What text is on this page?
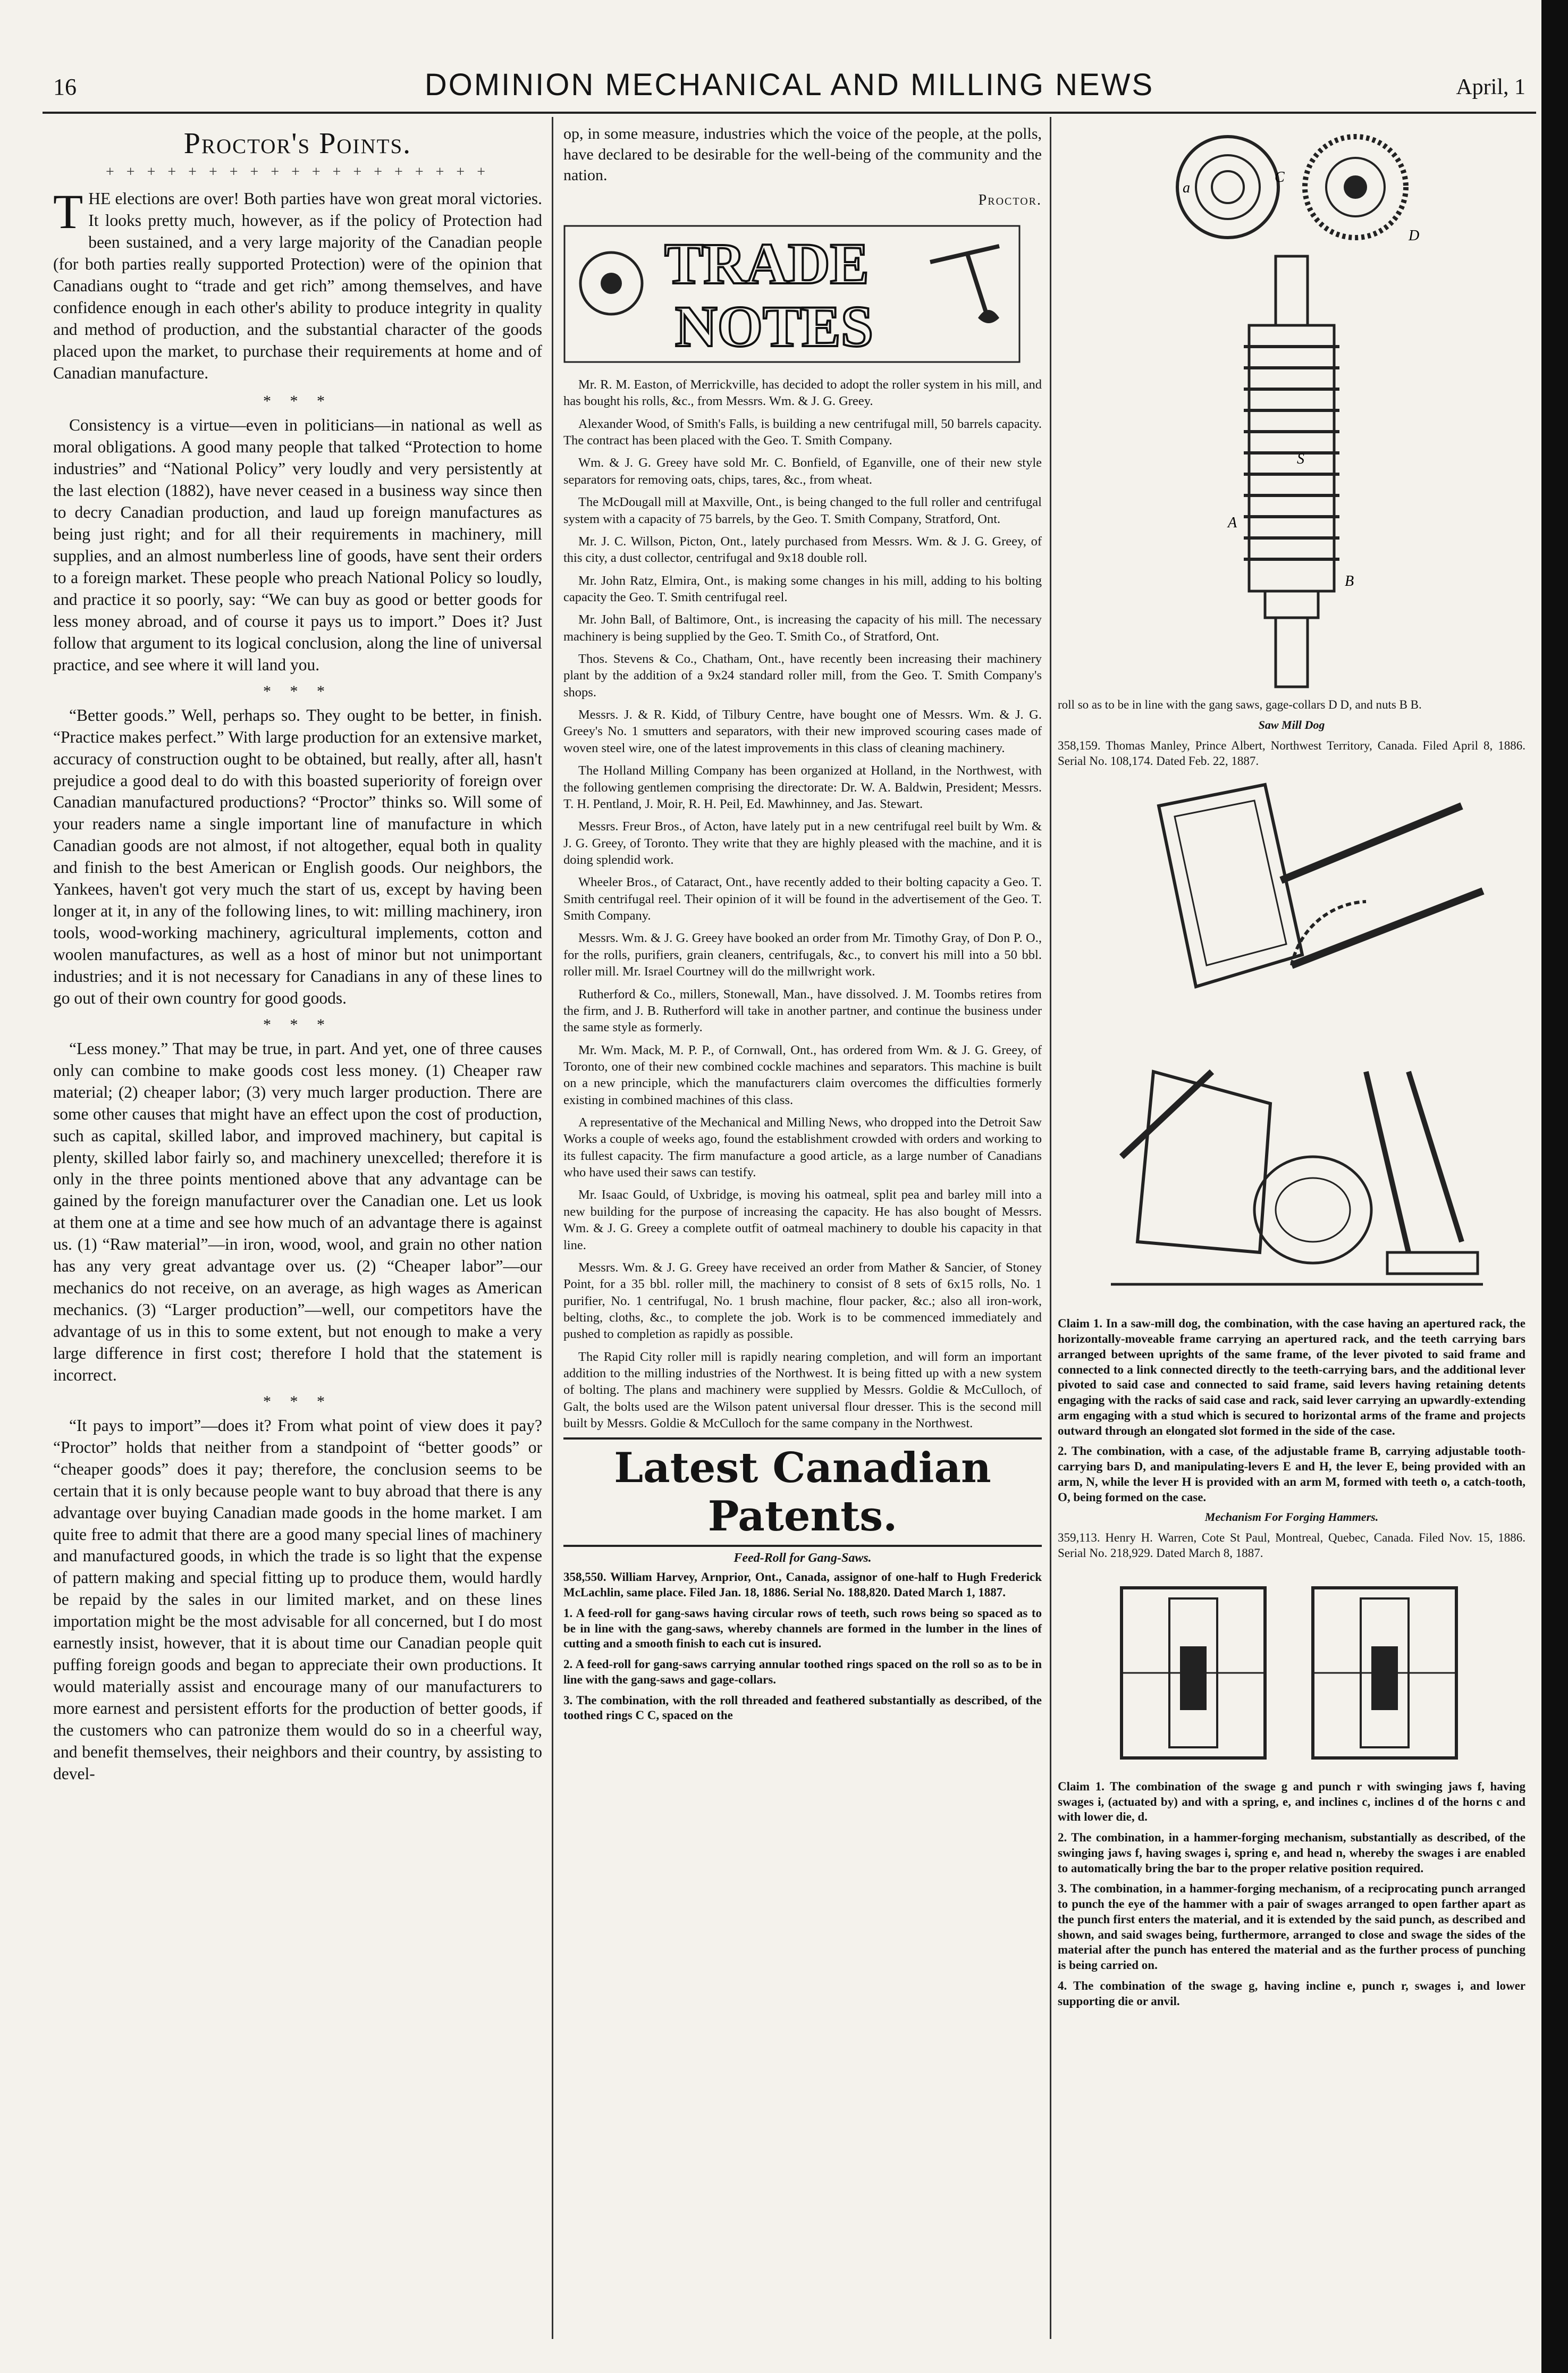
16	DOMINION MECHANICAL AND MILLING NEWS	April, 1
Proctor's Points.
+ + + + + + + + + + + + + + + + + + +

THE elections are over! Both parties have won great moral victories. It looks pretty much, however, as if the policy of Protection had been sustained, and a very large majority of the Canadian people (for both parties really supported Protection) were of the opinion that Canadians ought to “trade and get rich” among themselves, and have confidence enough in each other's ability to produce integrity in quality and method of production, and the substantial character of the goods placed upon the market, to purchase their requirements at home and of Canadian manufacture.

* * *

Consistency is a virtue—even in politicians—in national as well as moral obligations. A good many people that talked “Protection to home industries” and “National Policy” very loudly and very persistently at the last election (1882), have never ceased in a business way since then to decry Canadian production, and laud up foreign manufactures as being just right; and for all their requirements in machinery, mill supplies, and an almost numberless line of goods, have sent their orders to a foreign market. These people who preach National Policy so loudly, and practice it so poorly, say: “We can buy as good or better goods for less money abroad, and of course it pays us to import.” Does it? Just follow that argument to its logical conclusion, along the line of universal practice, and see where it will land you.

* * *

“Better goods.” Well, perhaps so. They ought to be better, in finish. “Practice makes perfect.” With large production for an extensive market, accuracy of construction ought to be obtained, but really, after all, hasn't prejudice a good deal to do with this boasted superiority of foreign over Canadian manufactured productions? “Proctor” thinks so. Will some of your readers name a single important line of manufacture in which Canadian goods are not almost, if not altogether, equal both in quality and finish to the best American or English goods. Our neighbors, the Yankees, haven't got very much the start of us, except by having been longer at it, in any of the following lines, to wit: milling machinery, iron tools, wood-working machinery, agricultural implements, cotton and woolen manufactures, as well as a host of minor but not unimportant industries; and it is not necessary for Canadians in any of these lines to go out of their own country for good goods.

* * *

“Less money.” That may be true, in part. And yet, one of three causes only can combine to make goods cost less money. (1) Cheaper raw material; (2) cheaper labor; (3) very much larger production. There are some other causes that might have an effect upon the cost of production, such as capital, skilled labor, and improved machinery, but capital is plenty, skilled labor fairly so, and machinery unexcelled; therefore it is only in the three points mentioned above that any advantage can be gained by the foreign manufacturer over the Canadian one. Let us look at them one at a time and see how much of an advantage there is against us. (1) “Raw material”—in iron, wood, wool, and grain no other nation has any very great advantage over us. (2) “Cheaper labor”—our mechanics do not receive, on an average, as high wages as American mechanics. (3) “Larger production”—well, our competitors have the advantage of us in this to some extent, but not enough to make a very large difference in first cost; therefore I hold that the statement is incorrect.

* * *

“It pays to import”—does it? From what point of view does it pay? “Proctor” holds that neither from a standpoint of “better goods” or “cheaper goods” does it pay; therefore, the conclusion seems to be certain that it is only because people want to buy abroad that there is any advantage over buying Canadian made goods in the home market. I am quite free to admit that there are a good many special lines of machinery and manufactured goods, in which the trade is so light that the expense of pattern making and special fitting up to produce them, would hardly be repaid by the sales in our limited market, and on these lines importation might be the most advisable for all concerned, but I do most earnestly insist, however, that it is about time our Canadian people quit puffing foreign goods and began to appreciate their own productions. It would materially assist and encourage many of our manufacturers to more earnest and persistent efforts for the production of better goods, if the customers who can patronize them would do so in a cheerful way, and benefit themselves, their neighbors and their country, by assisting to devel-

op, in some measure, industries which the voice of the people, at the polls, have declared to be desirable for the well-being of the community and the nation.

Proctor.
TRADE
NOTES

Mr. R. M. Easton, of Merrickville, has decided to adopt the roller system in his mill, and has bought his rolls, &c., from Messrs. Wm. & J. G. Greey.

Alexander Wood, of Smith's Falls, is building a new centrifugal mill, 50 barrels capacity. The contract has been placed with the Geo. T. Smith Company.

Wm. & J. G. Greey have sold Mr. C. Bonfield, of Eganville, one of their new style separators for removing oats, chips, tares, &c., from wheat.

The McDougall mill at Maxville, Ont., is being changed to the full roller and centrifugal system with a capacity of 75 barrels, by the Geo. T. Smith Company, Stratford, Ont.

Mr. J. C. Willson, Picton, Ont., lately purchased from Messrs. Wm. & J. G. Greey, of this city, a dust collector, centrifugal and 9x18 double roll.

Mr. John Ratz, Elmira, Ont., is making some changes in his mill, adding to his bolting capacity the Geo. T. Smith centrifugal reel.

Mr. John Ball, of Baltimore, Ont., is increasing the capacity of his mill. The necessary machinery is being supplied by the Geo. T. Smith Co., of Stratford, Ont.

Thos. Stevens & Co., Chatham, Ont., have recently been increasing their machinery plant by the addition of a 9x24 standard roller mill, from the Geo. T. Smith Company's shops.

Messrs. J. & R. Kidd, of Tilbury Centre, have bought one of Messrs. Wm. & J. G. Greey's No. 1 smutters and separators, with their new improved scouring cases made of woven steel wire, one of the latest improvements in this class of cleaning machinery.

The Holland Milling Company has been organized at Holland, in the Northwest, with the following gentlemen comprising the directorate: Dr. W. A. Baldwin, President; Messrs. T. H. Pentland, J. Moir, R. H. Peil, Ed. Mawhinney, and Jas. Stewart.

Messrs. Freur Bros., of Acton, have lately put in a new centrifugal reel built by Wm. & J. G. Greey, of Toronto. They write that they are highly pleased with the machine, and it is doing splendid work.

Wheeler Bros., of Cataract, Ont., have recently added to their bolting capacity a Geo. T. Smith centrifugal reel. Their opinion of it will be found in the advertisement of the Geo. T. Smith Company.

Messrs. Wm. & J. G. Greey have booked an order from Mr. Timothy Gray, of Don P. O., for the rolls, purifiers, grain cleaners, centrifugals, &c., to convert his mill into a 50 bbl. roller mill. Mr. Israel Courtney will do the millwright work.

Rutherford & Co., millers, Stonewall, Man., have dissolved. J. M. Toombs retires from the firm, and J. B. Rutherford will take in another partner, and continue the business under the same style as formerly.

Mr. Wm. Mack, M. P. P., of Cornwall, Ont., has ordered from Wm. & J. G. Greey, of Toronto, one of their new combined cockle machines and separators. This machine is built on a new principle, which the manufacturers claim overcomes the difficulties formerly existing in combined machines of this class.

A representative of the Mechanical and Milling News, who dropped into the Detroit Saw Works a couple of weeks ago, found the establishment crowded with orders and working to its fullest capacity. The firm manufacture a good article, as a large number of Canadians who have used their saws can testify.

Mr. Isaac Gould, of Uxbridge, is moving his oatmeal, split pea and barley mill into a new building for the purpose of increasing the capacity. He has also bought of Messrs. Wm. & J. G. Greey a complete outfit of oatmeal machinery to double his capacity in that line.

Messrs. Wm. & J. G. Greey have received an order from Mather & Sancier, of Stoney Point, for a 35 bbl. roller mill, the machinery to consist of 8 sets of 6x15 rolls, No. 1 purifier, No. 1 centrifugal, No. 1 brush machine, flour packer, &c.; also all iron-work, belting, cloths, &c., to complete the job. Work is to be commenced immediately and pushed to completion as rapidly as possible.

The Rapid City roller mill is rapidly nearing completion, and will form an important addition to the milling industries of the Northwest. It is being fitted up with a new system of bolting. The plans and machinery were supplied by Messrs. Goldie & McCulloch, of Galt, the bolts used are the Wilson patent universal flour dresser. This is the second mill built by Messrs. Goldie & McCulloch for the same company in the Northwest.

Latest Canadian Patents.
Feed-Roll for Gang-Saws.

358,550. William Harvey, Arnprior, Ont., Canada, assignor of one-half to Hugh Frederick McLachlin, same place. Filed Jan. 18, 1886. Serial No. 188,820. Dated March 1, 1887.

1. A feed-roll for gang-saws having circular rows of teeth, such rows being so spaced as to be in line with the gang-saws, whereby channels are formed in the lumber in the lines of cutting and a smooth finish to each cut is insured.

2. A feed-roll for gang-saws carrying annular toothed rings spaced on the roll so as to be in line with the gang-saws and gage-collars.

3. The combination, with the roll threaded and feathered substantially as described, of the toothed rings C C, spaced on the

C
a
D
S
A
B

roll so as to be in line with the gang saws, gage-collars D D, and nuts B B.

Saw Mill Dog

358,159. Thomas Manley, Prince Albert, Northwest Territory, Canada. Filed April 8, 1886. Serial No. 108,174. Dated Feb. 22, 1887.

Claim 1. In a saw-mill dog, the combination, with the case having an apertured rack, the horizontally-moveable frame carrying an apertured rack, and the teeth carrying bars arranged between uprights of the same frame, of the lever pivoted to said frame and connected to a link connected directly to the teeth-carrying bars, and the additional lever pivoted to said case and connected to said frame, said levers having retaining detents engaging with the racks of said case and rack, said lever carrying an upwardly-extending arm engaging with a stud which is secured to horizontal arms of the frame and projects outward through an elongated slot formed in the side of the case.

2. The combination, with a case, of the adjustable frame B, carrying adjustable tooth-carrying bars D, and manipulating-levers E and H, the lever E, being provided with an arm, N, while the lever H is provided with an arm M, formed with teeth o, a catch-tooth, O, being formed on the case.

Mechanism For Forging Hammers.

359,113. Henry H. Warren, Cote St Paul, Montreal, Quebec, Canada. Filed Nov. 15, 1886. Serial No. 218,929. Dated March 8, 1887.

Claim 1. The combination of the swage g and punch r with swinging jaws f, having swages i, (actuated by) and with a spring, e, and inclines c, inclines d of the horns c and with lower die, d.

2. The combination, in a hammer-forging mechanism, substantially as described, of the swinging jaws f, having swages i, spring e, and head n, whereby the swages i are enabled to automatically bring the bar to the proper relative position required.

3. The combination, in a hammer-forging mechanism, of a reciprocating punch arranged to punch the eye of the hammer with a pair of swages arranged to open farther apart as the punch first enters the material, and it is extended by the said punch, as described and shown, and said swages being, furthermore, arranged to close and swage the sides of the material after the punch has entered the material and as the further process of punching is being carried on.

4. The combination of the swage g, having incline e, punch r, swages i, and lower supporting die or anvil.
